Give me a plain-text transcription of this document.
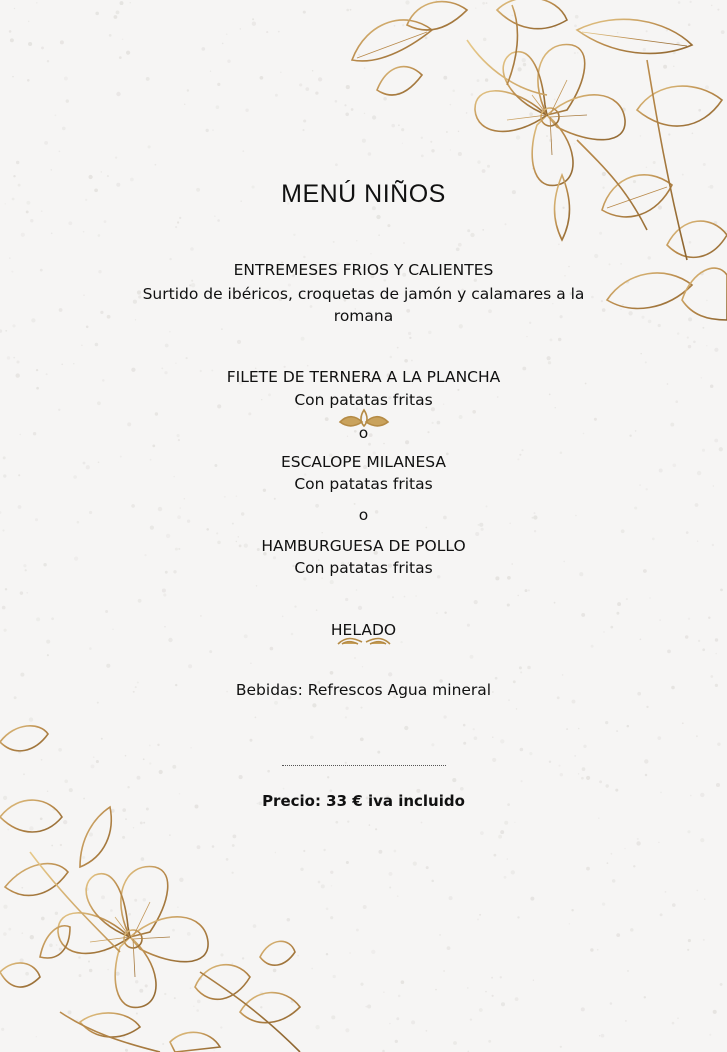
MENÚ NIÑOS
ENTREMESES FRIOS Y CALIENTES
Surtido de ibéricos, croquetas de jamón y calamares a la
romana
FILETE DE TERNERA A LA PLANCHA
Con patatas fritas
o
ESCALOPE MILANESA
Con patatas fritas
o
HAMBURGUESA DE POLLO
Con patatas fritas
HELADO
Bebidas: Refrescos Agua mineral
Precio: 33 € iva incluido
